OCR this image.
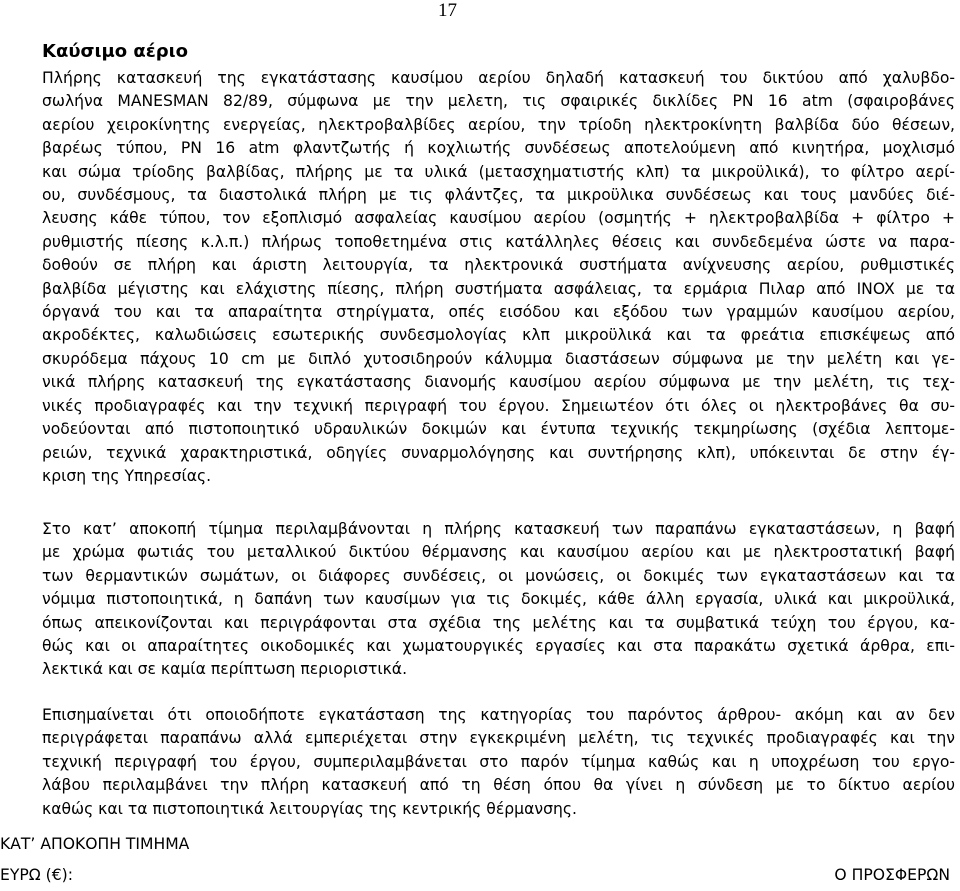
17
Καύσιμο αέριο
Πλήρης κατασκευή της εγκατάστασης καυσίμου αερίου δηλαδή κατασκευή του δικτύου από χαλυβδο-
σωλήνα MANESMAN 82/89, σύμφωνα με την μελετη, τις σφαιρικές δικλίδες PN 16 atm (σφαιροβάνες
αερίου χειροκίνητης ενεργείας, ηλεκτροβαλβίδες αερίου, την τρίοδη ηλεκτροκίνητη βαλβίδα δύο θέσεων,
βαρέως τύπου, PN 16 atm φλαντζωτής ή κοχλιωτής συνδέσεως αποτελούμενη από κινητήρα, μοχλισμό
και σώμα τρίοδης βαλβίδας, πλήρης με τα υλικά (μετασχηματιστής κλπ) τα μικροϋλικά), το φίλτρο αερί-
ου, συνδέσμους, τα διαστολικά πλήρη με τις φλάντζες, τα μικροϋλικα συνδέσεως και τους μανδύες διέ-
λευσης κάθε τύπου, τον εξοπλισμό ασφαλείας καυσίμου αερίου (οσμητής + ηλεκτροβαλβίδα + φίλτρο +
ρυθμιστής πίεσης κ.λ.π.) πλήρως τοποθετημένα στις κατάλληλες θέσεις και συνδεδεμένα ώστε να παρα-
δοθούν σε πλήρη και άριστη λειτουργία, τα ηλεκτρονικά συστήματα ανίχνευσης αερίου, ρυθμιστικές
βαλβίδα μέγιστης και ελάχιστης πίεσης, πλήρη συστήματα ασφάλειας, τα ερμάρια Πιλαρ από INOX με τα
όργανά του και τα απαραίτητα στηρίγματα, οπές εισόδου και εξόδου των γραμμών καυσίμου αερίου,
ακροδέκτες, καλωδιώσεις εσωτερικής συνδεσμολογίας κλπ μικροϋλικά και τα φρεάτια επισκέψεως από
σκυρόδεμα πάχους 10 cm με διπλό χυτοσιδηρούν κάλυμμα διαστάσεων σύμφωνα με την μελέτη και γε-
νικά πλήρης κατασκευή της εγκατάστασης διανομής καυσίμου αερίου σύμφωνα με την μελέτη, τις τεχ-
νικές προδιαγραφές και την τεχνική περιγραφή του έργου. Σημειωτέον ότι όλες οι ηλεκτροβάνες θα συ-
νοδεύονται από πιστοποιητικό υδραυλικών δοκιμών και έντυπα τεχνικής τεκμηρίωσης (σχέδια λεπτομε-
ρειών, τεχνικά χαρακτηριστικά, οδηγίες συναρμολόγησης και συντήρησης κλπ), υπόκεινται δε στην έγ-
κριση της Υπηρεσίας.
Στο κατ’ αποκοπή τίμημα περιλαμβάνονται η πλήρης κατασκευή των παραπάνω εγκαταστάσεων, η βαφή
με χρώμα φωτιάς του μεταλλικού δικτύου θέρμανσης και καυσίμου αερίου και με ηλεκτροστατική βαφή
των θερμαντικών σωμάτων, οι διάφορες συνδέσεις, οι μονώσεις, οι δοκιμές των εγκαταστάσεων και τα
νόμιμα πιστοποιητικά, η δαπάνη των καυσίμων για τις δοκιμές, κάθε άλλη εργασία, υλικά και μικροϋλικά,
όπως απεικονίζονται και περιγράφονται στα σχέδια της μελέτης και τα συμβατικά τεύχη του έργου, κα-
θώς και οι απαραίτητες οικοδομικές και χωματουργικές εργασίες και στα παρακάτω σχετικά άρθρα, επι-
λεκτικά και σε καμία περίπτωση περιοριστικά.
Επισημαίνεται ότι οποιοδήποτε εγκατάσταση της κατηγορίας του παρόντος άρθρου- ακόμη και αν δεν
περιγράφεται παραπάνω αλλά εμπεριέχεται στην εγκεκριμένη μελέτη, τις τεχνικές προδιαγραφές και την
τεχνική περιγραφή του έργου, συμπεριλαμβάνεται στο παρόν τίμημα καθώς και η υποχρέωση του εργο-
λάβου περιλαμβάνει την πλήρη κατασκευή από τη θέση όπου θα γίνει η σύνδεση με το δίκτυο αερίου
καθώς και τα πιστοποιητικά λειτουργίας της κεντρικής θέρμανσης.
ΚΑΤ’ ΑΠΟΚΟΠΗ ΤΙΜΗΜΑ
ΕΥΡΩ (€):	Ο ΠΡΟΣΦΕΡΩΝ
